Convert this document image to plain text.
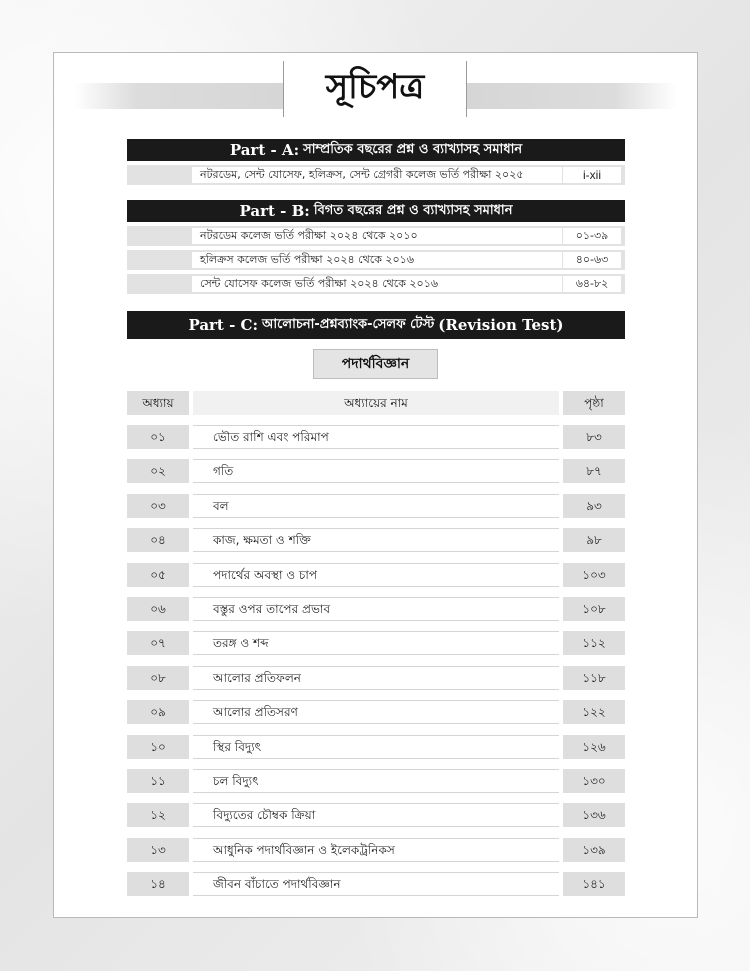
সূচিপত্র
Part - A: সাম্প্রতিক বছরের প্রশ্ন ও ব্যাখ্যাসহ সমাধান
নটরডেম, সেন্ট যোসেফ, হলিক্রস, সেন্ট গ্রেগরী কলেজ ভর্তি পরীক্ষা ২০২৫	i-xii
Part - B: বিগত বছরের প্রশ্ন ও ব্যাখ্যাসহ সমাধান
নটরডেম কলেজ ভর্তি পরীক্ষা ২০২৪ থেকে ২০১০	০১-৩৯
হলিক্রস কলেজ ভর্তি পরীক্ষা ২০২৪ থেকে ২০১৬	৪০-৬৩
সেন্ট যোসেফ কলেজ ভর্তি পরীক্ষা ২০২৪ থেকে ২০১৬	৬৪-৮২
Part - C: আলোচনা-প্রশ্নব্যাংক-সেলফ টেস্ট (Revision Test)
পদার্থবিজ্ঞান
অধ্যায়	অধ্যায়ের নাম	পৃষ্ঠা
০১	ভৌত রাশি এবং পরিমাপ	৮৩
০২	গতি	৮৭
০৩	বল	৯৩
০৪	কাজ, ক্ষমতা ও শক্তি	৯৮
০৫	পদার্থের অবস্থা ও চাপ	১০৩
০৬	বস্তুর ওপর তাপের প্রভাব	১০৮
০৭	তরঙ্গ ও শব্দ	১১২
০৮	আলোর প্রতিফলন	১১৮
০৯	আলোর প্রতিসরণ	১২২
১০	স্থির বিদ্যুৎ	১২৬
১১	চল বিদ্যুৎ	১৩০
১২	বিদ্যুতের চৌম্বক ক্রিয়া	১৩৬
১৩	আধুনিক পদার্থবিজ্ঞান ও ইলেকট্রনিকস	১৩৯
১৪	জীবন বাঁচাতে পদার্থবিজ্ঞান	১৪১
